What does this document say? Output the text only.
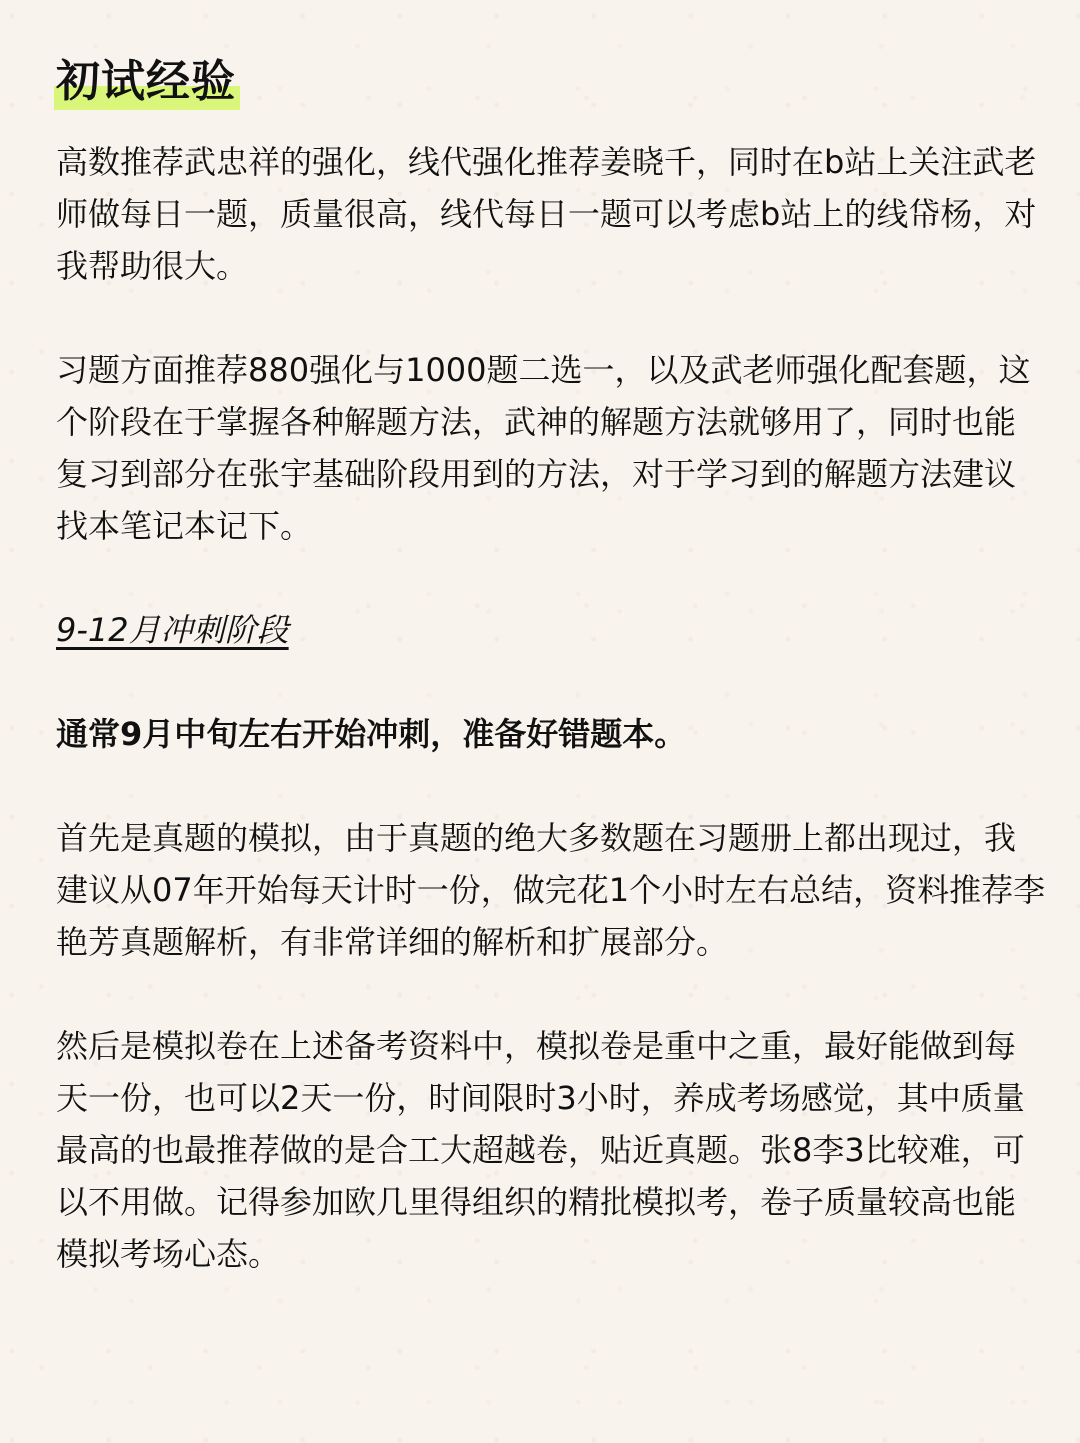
初试经验

高数推荐武忠祥的强化，线代强化推荐姜晓千，同时在b站上关注武老师做每日一题，质量很高，线代每日一题可以考虑b站上的线帒杨，对我帮助很大。

习题方面推荐880强化与1000题二选一，以及武老师强化配套题，这个阶段在于掌握各种解题方法，武神的解题方法就够用了，同时也能复习到部分在张宇基础阶段用到的方法，对于学习到的解题方法建议找本笔记本记下。

9-12月冲刺阶段

通常9月中旬左右开始冲刺，准备好错题本。

首先是真题的模拟，由于真题的绝大多数题在习题册上都出现过，我建议从07年开始每天计时一份，做完花1个小时左右总结，资料推荐李艳芳真题解析，有非常详细的解析和扩展部分。

然后是模拟卷在上述备考资料中，模拟卷是重中之重，最好能做到每天一份，也可以2天一份，时间限时3小时，养成考场感觉，其中质量最高的也最推荐做的是合工大超越卷，贴近真题。张8李3比较难，可以不用做。记得参加欧几里得组织的精批模拟考，卷子质量较高也能模拟考场心态。
